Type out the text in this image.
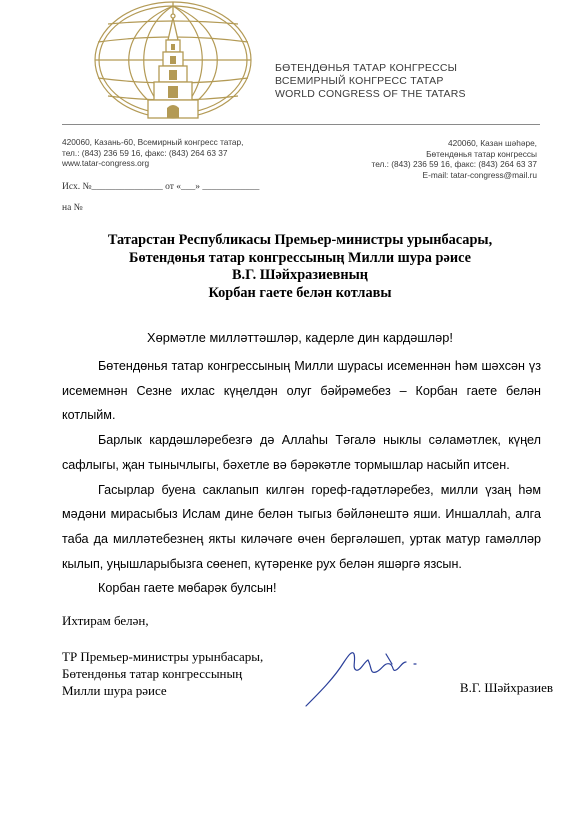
БӨТЕНДӨНЬЯ ТАТАР КОНГРЕССЫ
ВСЕМИРНЫЙ КОНГРЕСС ТАТАР
WORLD CONGRESS OF THE TATARS
420060, Казань-60, Всемирный конгресс татар,
тел.: (843) 236 59 16, факс: (843) 264 63 37
www.tatar-congress.org
420060, Казан шәһәре,
Бөтендөнья татар конгрессы
тел.: (843) 236 59 16, факс: (843) 264 63 37
E-mail: tatar-congress@mail.ru
Исх. №_______________ от «___» ____________
на №
Татарстан Республикасы Премьер-министры урынбасары,
Бөтендөнья татар конгрессының Милли шура рәисе
В.Г. Шәйхразиевның
Корбан гаете белән котлавы
Хөрмәтле милләттәшләр, кадерле дин кардәшләр!

Бөтендөнья татар конгрессының Милли шурасы исеменнән һәм шәхсән үз исемемнән Сезне ихлас күңелдән олуг бәйрәмебез – Корбан гаете белән котлыйм.

Барлык кардәшләребезгә дә Аллаһы Тәгалә ныклы сәламәтлек, күңел сафлыгы, җан тынычлыгы, бәхетле вә бәрәкәтле тормышлар насыйп итсен.

Гасырлар буена саклanып килгән гореф-гадәтләребез, милли үзаң һәм мәдәни мирасыбыз Ислам дине белән тыгыз бәйләнештә яши. Иншаллаһ, алга таба да милләтебезнең якты киләчәге өчен бергәләшеп, уртак матур гамәлләр кылып, уңышларыбызга сөенеп, күтәренке рух белән яшәргә язсын.

Корбан гаете мөбарәк булсын!

Ихтирам белән,
ТР Премьер-министры урынбасары,
Бөтендөнья татар конгрессының
Милли шура рәисе	В.Г. Шәйхразиев
